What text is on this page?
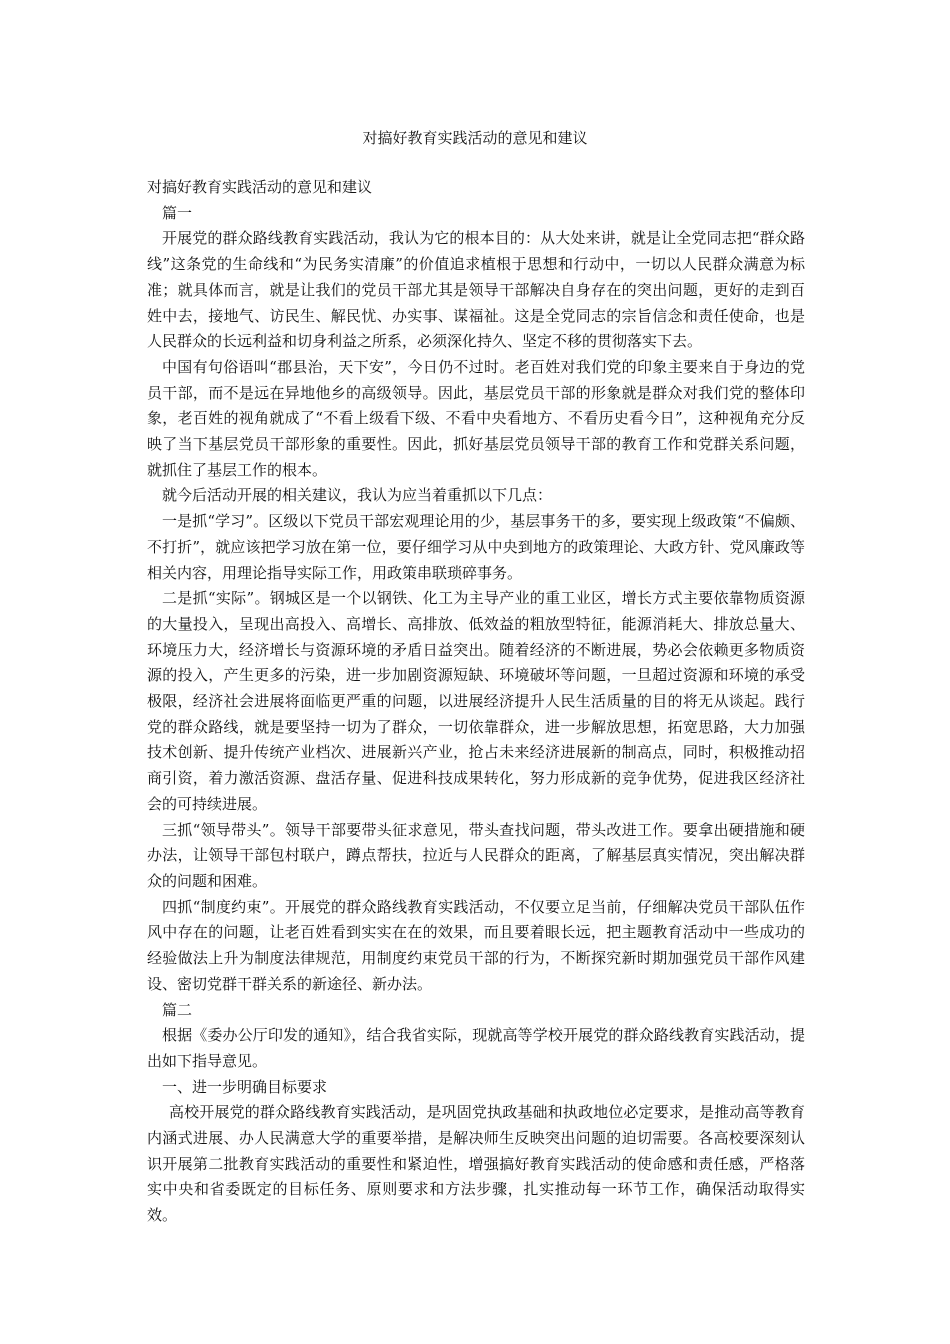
对搞好教育实践活动的意见和建议

对搞好教育实践活动的意见和建议

篇一

开展党的群众路线教育实践活动，我认为它的根本目的：从大处来讲，就是让全党同志把“群众路线”这条党的生命线和“为民务实清廉”的价值追求植根于思想和行动中，一切以人民群众满意为标准；就具体而言，就是让我们的党员干部尤其是领导干部解决自身存在的突出问题，更好的走到百姓中去，接地气、访民生、解民忧、办实事、谋福祉。这是全党同志的宗旨信念和责任使命，也是人民群众的长远利益和切身利益之所系，必须深化持久、坚定不移的贯彻落实下去。

中国有句俗语叫“郡县治，天下安”，今日仍不过时。老百姓对我们党的印象主要来自于身边的党员干部，而不是远在异地他乡的高级领导。因此，基层党员干部的形象就是群众对我们党的整体印象，老百姓的视角就成了“不看上级看下级、不看中央看地方、不看历史看今日”，这种视角充分反映了当下基层党员干部形象的重要性。因此，抓好基层党员领导干部的教育工作和党群关系问题，就抓住了基层工作的根本。

就今后活动开展的相关建议，我认为应当着重抓以下几点：

一是抓“学习”。区级以下党员干部宏观理论用的少，基层事务干的多，要实现上级政策“不偏颇、不打折”，就应该把学习放在第一位，要仔细学习从中央到地方的政策理论、大政方针、党风廉政等相关内容，用理论指导实际工作，用政策串联琐碎事务。

二是抓“实际”。钢城区是一个以钢铁、化工为主导产业的重工业区，增长方式主要依靠物质资源的大量投入，呈现出高投入、高增长、高排放、低效益的粗放型特征，能源消耗大、排放总量大、环境压力大，经济增长与资源环境的矛盾日益突出。随着经济的不断进展，势必会依赖更多物质资源的投入，产生更多的污染，进一步加剧资源短缺、环境破坏等问题，一旦超过资源和环境的承受极限，经济社会进展将面临更严重的问题，以进展经济提升人民生活质量的目的将无从谈起。践行党的群众路线，就是要坚持一切为了群众，一切依靠群众，进一步解放思想，拓宽思路，大力加强技术创新、提升传统产业档次、进展新兴产业，抢占未来经济进展新的制高点，同时，积极推动招商引资，着力激活资源、盘活存量、促进科技成果转化，努力形成新的竞争优势，促进我区经济社会的可持续进展。

三抓“领导带头”。领导干部要带头征求意见，带头查找问题，带头改进工作。要拿出硬措施和硬办法，让领导干部包村联户，蹲点帮扶，拉近与人民群众的距离，了解基层真实情况，突出解决群众的问题和困难。

四抓“制度约束”。开展党的群众路线教育实践活动，不仅要立足当前，仔细解决党员干部队伍作风中存在的问题，让老百姓看到实实在在的效果，而且要着眼长远，把主题教育活动中一些成功的经验做法上升为制度法律规范，用制度约束党员干部的行为，不断探究新时期加强党员干部作风建设、密切党群干群关系的新途径、新办法。

篇二

根据《委办公厅印发的通知》，结合我省实际，现就高等学校开展党的群众路线教育实践活动，提出如下指导意见。

一、进一步明确目标要求

高校开展党的群众路线教育实践活动，是巩固党执政基础和执政地位必定要求，是推动高等教育内涵式进展、办人民满意大学的重要举措，是解决师生反映突出问题的迫切需要。各高校要深刻认识开展第二批教育实践活动的重要性和紧迫性，增强搞好教育实践活动的使命感和责任感，严格落实中央和省委既定的目标任务、原则要求和方法步骤，扎实推动每一环节工作，确保活动取得实效。
